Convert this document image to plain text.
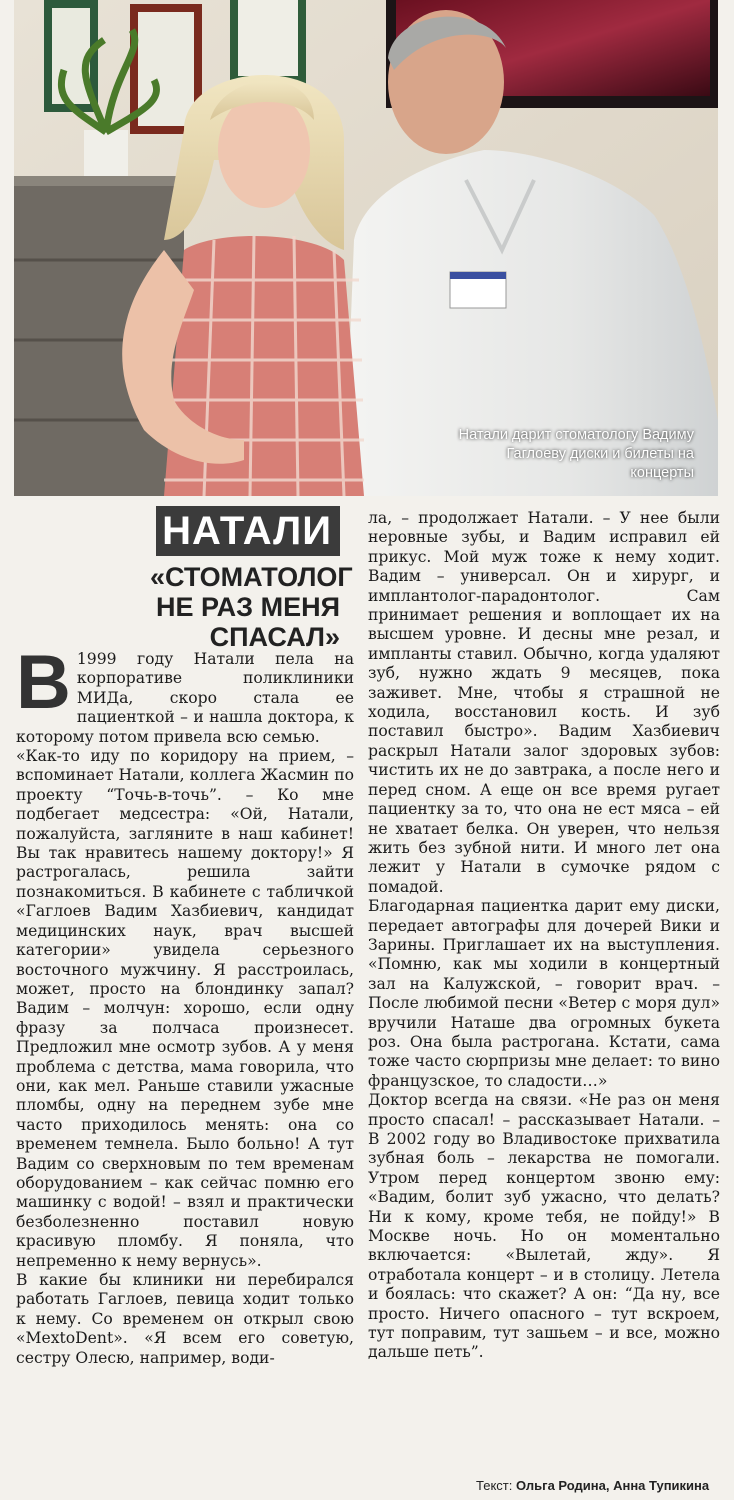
Натали дарит стоматологу Вадиму Гаглоеву диски и билеты на концерты
НАТАЛИ
«СТОМАТОЛОГ НЕ РАЗ МЕНЯ СПАСАЛ»
В 1999 году Натали пела на корпоративе поликлиники МИДа, скоро стала ее пациенткой – и нашла доктора, к которому потом привела всю семью.

«Как-то иду по коридору на прием, – вспоминает Натали, коллега Жасмин по проекту “Точь-в-точь”. – Ко мне подбегает медсестра: «Ой, Натали, пожалуйста, загляните в наш кабинет! Вы так нравитесь нашему доктору!» Я растрогалась, решила зайти познакомиться. В кабинете с табличкой «Гаглоев Вадим Хазбиевич, кандидат медицинских наук, врач высшей категории» увидела серьезного восточного мужчину. Я расстроилась, может, просто на блондинку запал? Вадим – молчун: хорошо, если одну фразу за полчаса произнесет. Предложил мне осмотр зубов. А у меня проблема с детства, мама говорила, что они, как мел. Раньше ставили ужасные пломбы, одну на переднем зубе мне часто приходилось менять: она со временем темнела. Было больно! А тут Вадим со сверхновым по тем временам оборудованием – как сейчас помню его машинку с водой! – взял и практически безболезненно поставил новую красивую пломбу. Я поняла, что непременно к нему вернусь».

В какие бы клиники ни перебирался работать Гаглоев, певица ходит только к нему. Со временем он открыл свою «MextoDent». «Я всем его советую, сестру Олесю, например, води-

ла, – продолжает Натали. – У нее были неровные зубы, и Вадим исправил ей прикус. Мой муж тоже к нему ходит. Вадим – универсал. Он и хирург, и имплантолог-парадонтолог. Сам принимает решения и воплощает их на высшем уровне. И десны мне резал, и импланты ставил. Обычно, когда удаляют зуб, нужно ждать 9 месяцев, пока заживет. Мне, чтобы я страшной не ходила, восстановил кость. И зуб поставил быстро». Вадим Хазбиевич раскрыл Натали залог здоровых зубов: чистить их не до завтрака, а после него и перед сном. А еще он все время ругает пациентку за то, что она не ест мяса – ей не хватает белка. Он уверен, что нельзя жить без зубной нити. И много лет она лежит у Натали в сумочке рядом с помадой.

Благодарная пациентка дарит ему диски, передает автографы для дочерей Вики и Зарины. Приглашает их на выступления. «Помню, как мы ходили в концертный зал на Калужской, – говорит врач. – После любимой песни «Ветер с моря дул» вручили Наташе два огромных букета роз. Она была растрогана. Кстати, сама тоже часто сюрпризы мне делает: то вино французское, то сладости…»

Доктор всегда на связи. «Не раз он меня просто спасал! – рассказывает Натали. – В 2002 году во Владивостоке прихватила зубная боль – лекарства не помогали. Утром перед концертом звоню ему: «Вадим, болит зуб ужасно, что делать? Ни к кому, кроме тебя, не пойду!» В Москве ночь. Но он моментально включается: «Вылетай, жду». Я отработала концерт – и в столицу. Летела и боялась: что скажет? А он: “Да ну, все просто. Ничего опасного – тут вскроем, тут поправим, тут зашьем – и все, можно дальше петь”.

Текст: Ольга Родина, Анна Тупикина
